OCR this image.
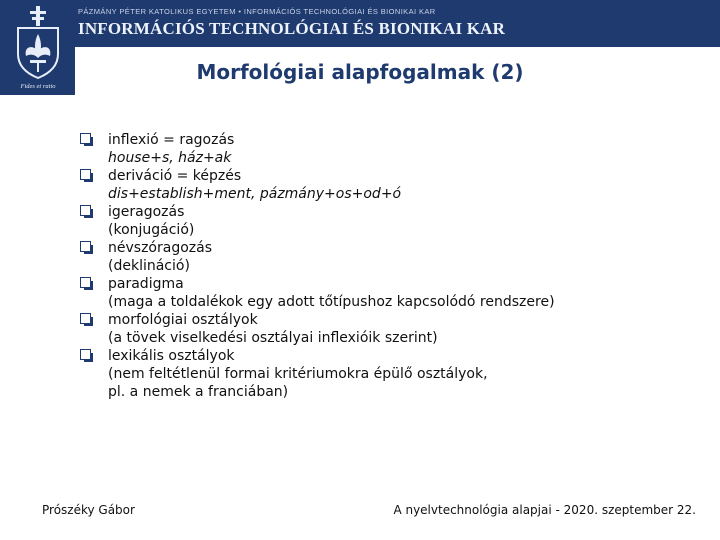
Fides et ratio
PÁZMÁNY PÉTER KATOLIKUS EGYETEM • INFORMÁCIÓS TECHNOLÓGIAI ÉS BIONIKAI KAR
INFORMÁCIÓS TECHNOLÓGIAI ÉS BIONIKAI KAR
Morfológiai alapfogalmak (2)
inflexió = ragozás
house+s, ház+ak
deriváció = képzés
dis+establish+ment, pázmány+os+od+ó
igeragozás
(konjugáció)
névszóragozás
(deklináció)
paradigma
(maga a toldalékok egy adott tőtípushoz kapcsolódó rendszere)
morfológiai osztályok
(a tövek viselkedési osztályai inflexióik szerint)
lexikális osztályok
(nem feltétlenül formai kritériumokra épülő osztályok,
pl. a nemek a franciában)
Prószéky Gábor	A nyelvtechnológia alapjai - 2020. szeptember 22.
